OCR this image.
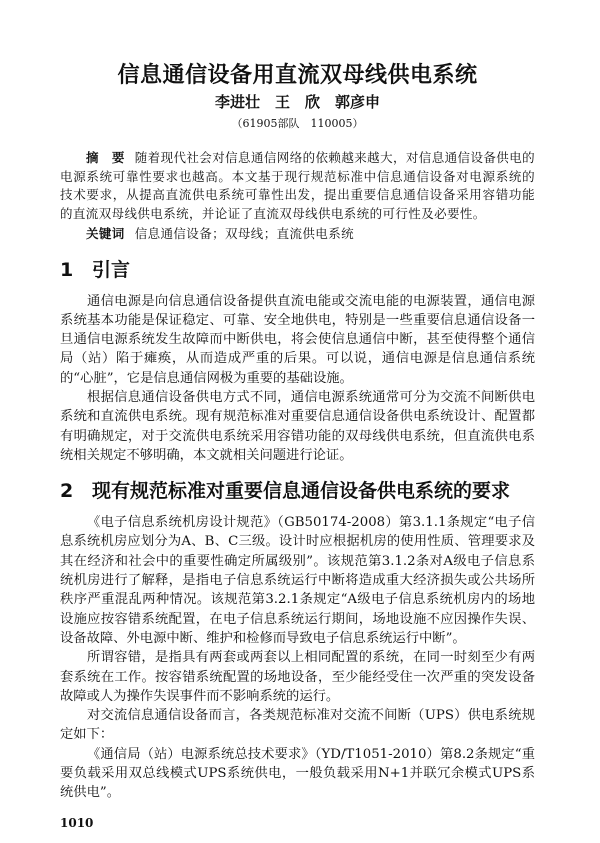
信息通信设备用直流双母线供电系统
李进壮　王　欣　郭彦申
（61905部队　110005）
摘　要 随着现代社会对信息通信网络的依赖越来越大，对信息通信设备供电的电源系统可靠性要求也越高。本文基于现行规范标准中信息通信设备对电源系统的技术要求，从提高直流供电系统可靠性出发，提出重要信息通信设备采用容错功能的直流双母线供电系统，并论证了直流双母线供电系统的可行性及必要性。
关键词 信息通信设备；双母线；直流供电系统
1 引言

通信电源是向信息通信设备提供直流电能或交流电能的电源装置，通信电源系统基本功能是保证稳定、可靠、安全地供电，特别是一些重要信息通信设备一旦通信电源系统发生故障而中断供电，将会使信息通信中断，甚至使得整个通信局（站）陷于瘫痪，从而造成严重的后果。可以说，通信电源是信息通信系统的“心脏”，它是信息通信网极为重要的基础设施。

根据信息通信设备供电方式不同，通信电源系统通常可分为交流不间断供电系统和直流供电系统。现有规范标准对重要信息通信设备供电系统设计、配置都有明确规定，对于交流供电系统采用容错功能的双母线供电系统，但直流供电系统相关规定不够明确，本文就相关问题进行论证。

2 现有规范标准对重要信息通信设备供电系统的要求

《电子信息系统机房设计规范》（GB50174-2008）第3.1.1条规定“电子信息系统机房应划分为A、B、C三级。设计时应根据机房的使用性质、管理要求及其在经济和社会中的重要性确定所属级别”。该规范第3.1.2条对A级电子信息系统机房进行了解释，是指电子信息系统运行中断将造成重大经济损失或公共场所秩序严重混乱两种情况。该规范第3.2.1条规定“A级电子信息系统机房内的场地设施应按容错系统配置，在电子信息系统运行期间，场地设施不应因操作失误、设备故障、外电源中断、维护和检修而导致电子信息系统运行中断”。

所谓容错，是指具有两套或两套以上相同配置的系统，在同一时刻至少有两套系统在工作。按容错系统配置的场地设备，至少能经受住一次严重的突发设备故障或人为操作失误事件而不影响系统的运行。

对交流信息通信设备而言，各类规范标准对交流不间断（UPS）供电系统规定如下：

《通信局（站）电源系统总技术要求》（YD/T1051-2010）第8.2条规定“重要负载采用双总线模式UPS系统供电，一般负载采用N+1并联冗余模式UPS系统供电”。

1010
